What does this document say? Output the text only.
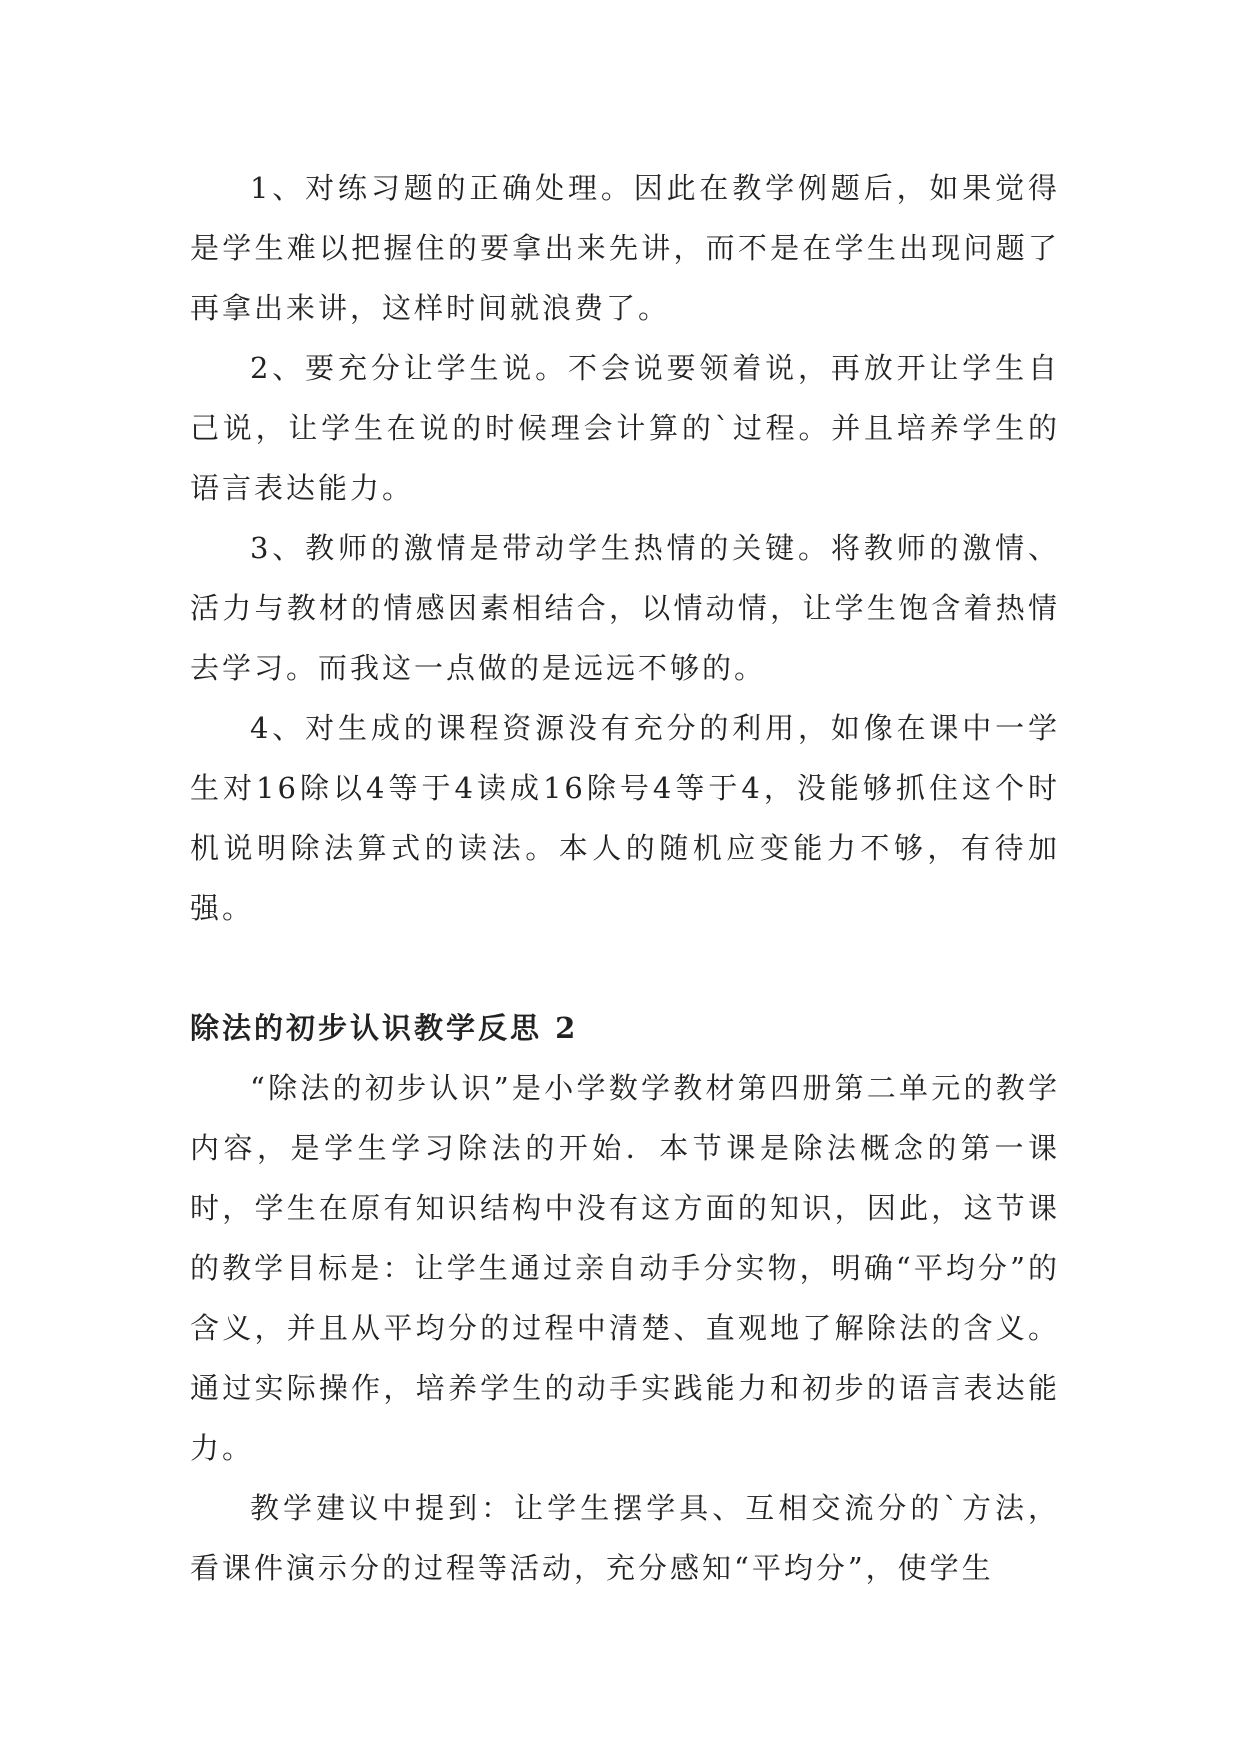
1、对练习题的正确处理。因此在教学例题后，如果觉得是学生难以把握住的要拿出来先讲，而不是在学生出现问题了再拿出来讲，这样时间就浪费了。

2、要充分让学生说。不会说要领着说，再放开让学生自己说，让学生在说的时候理会计算的`过程。并且培养学生的语言表达能力。

3、教师的激情是带动学生热情的关键。将教师的激情、活力与教材的情感因素相结合，以情动情，让学生饱含着热情去学习。而我这一点做的是远远不够的。

4、对生成的课程资源没有充分的利用，如像在课中一学生对16除以4等于4读成16除号4等于4，没能够抓住这个时机说明除法算式的读法。本人的随机应变能力不够，有待加强。

除法的初步认识教学反思 2

“除法的初步认识”是小学数学教材第四册第二单元的教学内容，是学生学习除法的开始．本节课是除法概念的第一课时，学生在原有知识结构中没有这方面的知识，因此，这节课的教学目标是：让学生通过亲自动手分实物，明确“平均分”的含义，并且从平均分的过程中清楚、直观地了解除法的含义。通过实际操作，培养学生的动手实践能力和初步的语言表达能力。

教学建议中提到：让学生摆学具、互相交流分的`方法，看课件演示分的过程等活动，充分感知“平均分”，使学生
